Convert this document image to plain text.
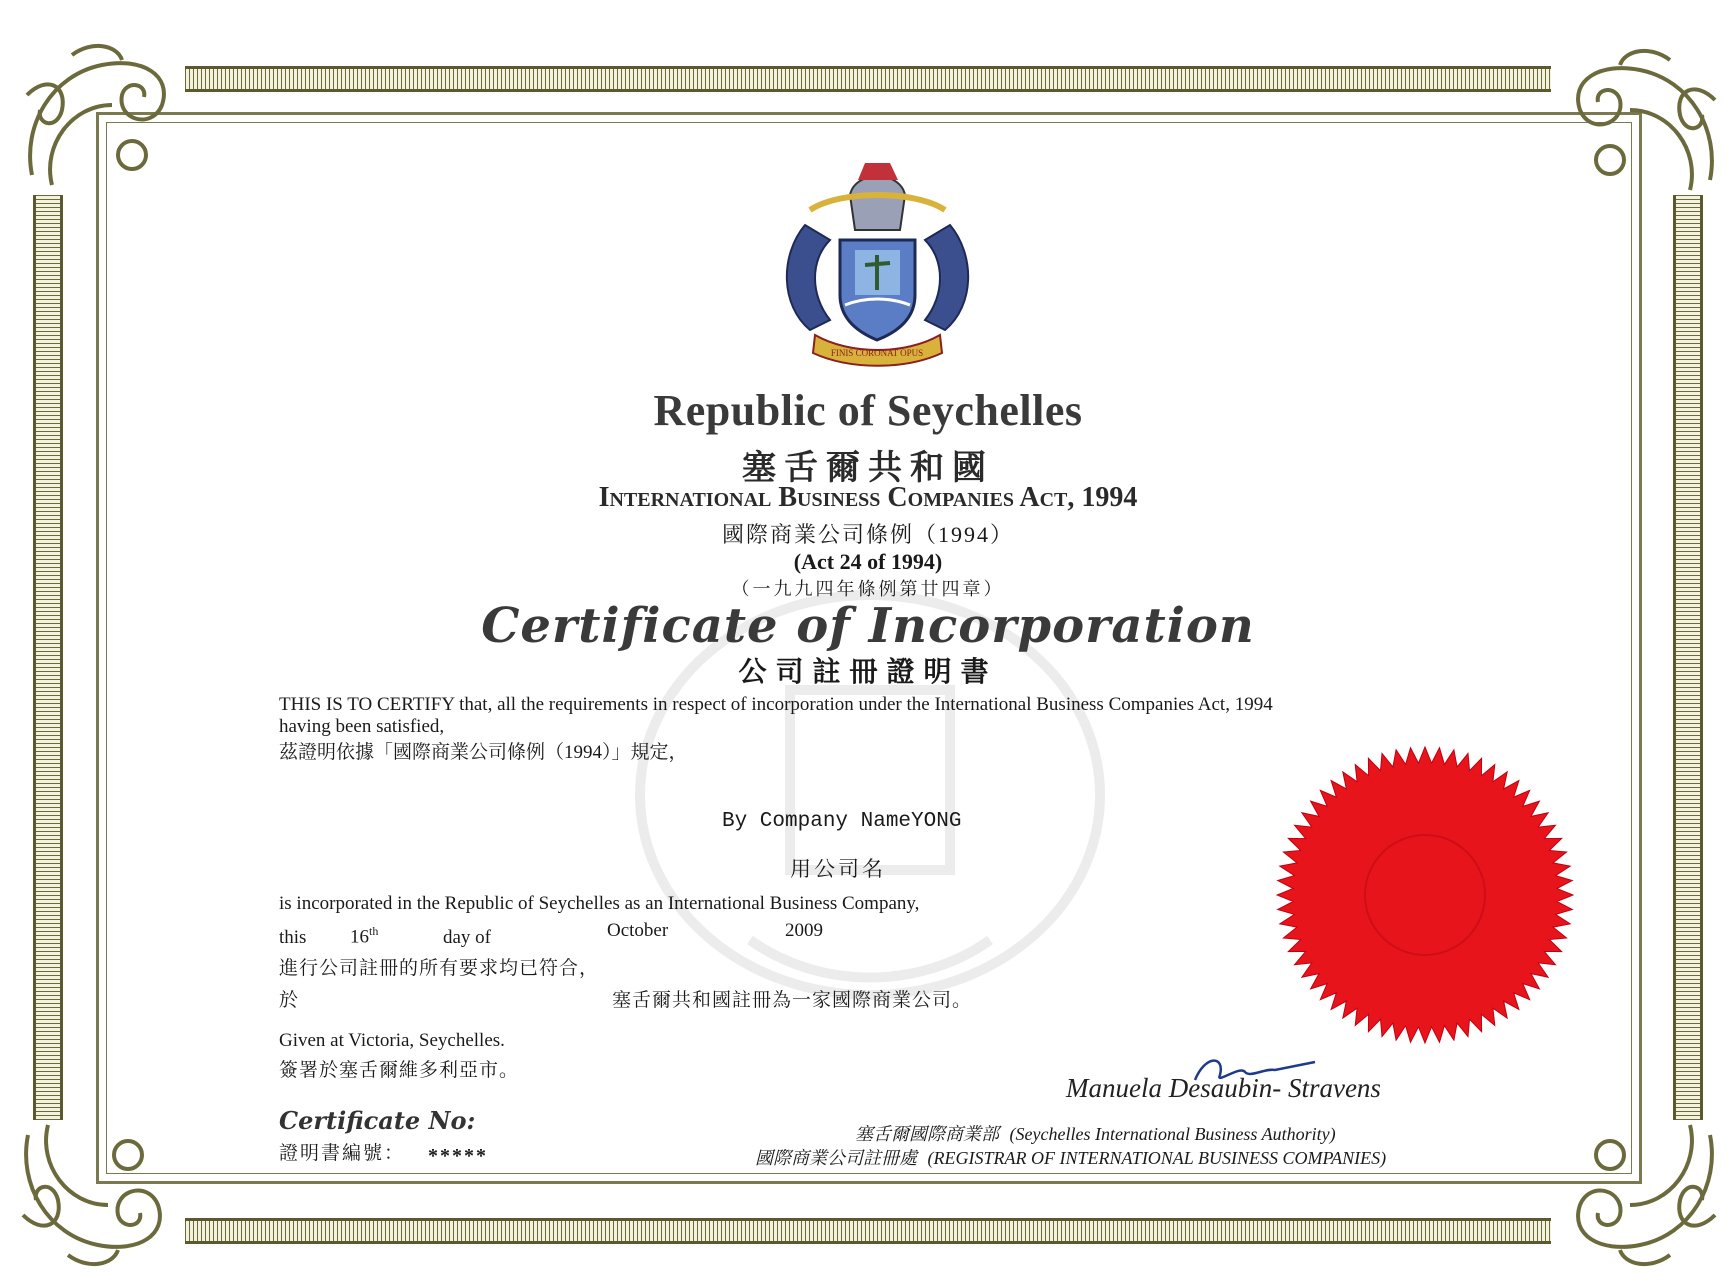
FINIS CORONAT OPUS
Republic of Seychelles
塞舌爾共和國
International Business Companies Act, 1994
國際商業公司條例（1994）
(Act 24 of 1994)
（一九九四年條例第廿四章）
Certificate of Incorporation
公司註冊證明書
THIS IS TO CERTIFY that, all the requirements in respect of incorporation under the International Business Companies Act, 1994
having been satisfied,
茲證明依據「國際商業公司條例（1994）」規定，
By Company NameYONG
用公司名
is incorporated in the Republic of Seychelles as an International Business Company,
this 16th	day of	October	2009
進行公司註冊的所有要求均已符合，
於	塞舌爾共和國註冊為一家國際商業公司。
Given at Victoria, Seychelles.
簽署於塞舌爾維多利亞市。
Certificate No:
證明書編號： *****
Manuela Desaubin- Stravens
塞舌爾國際商業部 (Seychelles International Business Authority)
國際商業公司註冊處 (REGISTRAR OF INTERNATIONAL BUSINESS COMPANIES)
